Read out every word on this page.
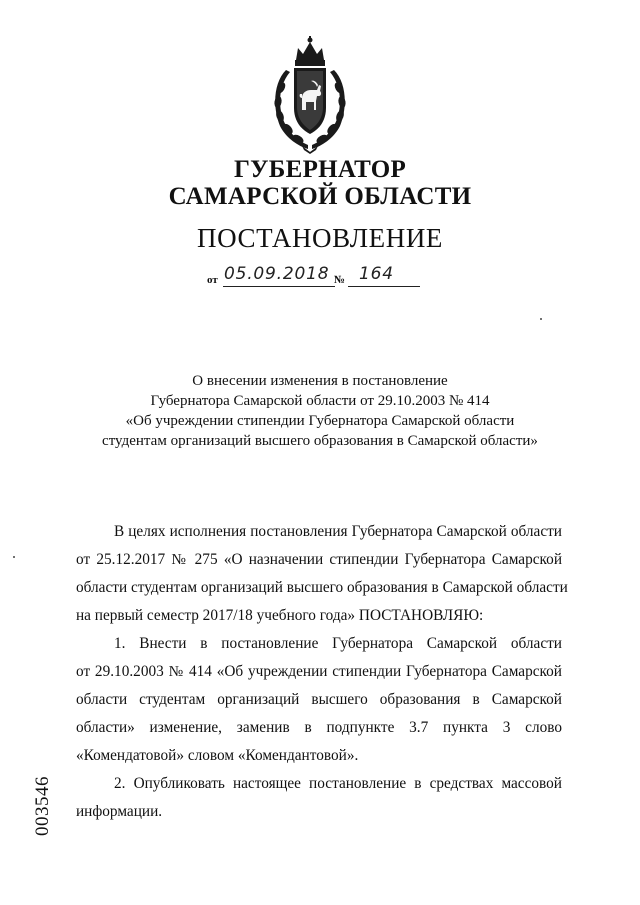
ГУБЕРНАТОР
САМАРСКОЙ ОБЛАСТИ
ПОСТАНОВЛЕНИЕ
от 05.09.2018 № 164
О внесении изменения в постановление
Губернатора Самарской области от 29.10.2003 № 414
«Об учреждении стипендии Губернатора Самарской области
студентам организаций высшего образования в Самарской области»
В целях исполнения постановления Губернатора Самарской области
от 25.12.2017 № 275 «О назначении стипендии Губернатора Самарской
области студентам организаций высшего образования в Самарской области
на первый семестр 2017/18 учебного года» ПОСТАНОВЛЯЮ:
1. Внести в постановление Губернатора Самарской области
от 29.10.2003 № 414 «Об учреждении стипендии Губернатора Самарской
области студентам организаций высшего образования в Самарской
области» изменение, заменив в подпункте 3.7 пункта 3 слово
«Комендатовой» словом «Комендантовой».
2. Опубликовать настоящее постановление в средствах массовой
информации.
003546
